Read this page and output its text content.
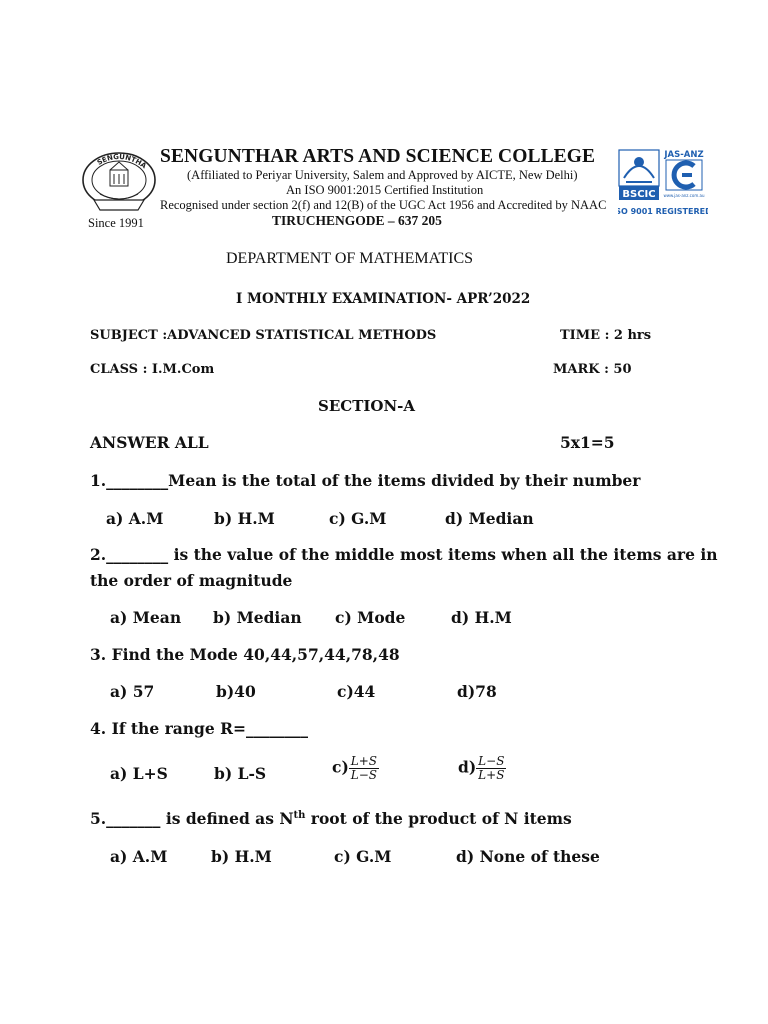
SENGUNTHA
Since 1991
SENGUNTHAR ARTS AND SCIENCE COLLEGE
(Affiliated to Periyar University, Salem and Approved by AICTE, New Delhi)
An ISO 9001:2015 Certified Institution
Recognised under section 2(f) and 12(B) of the UGC Act 1956 and Accredited by NAAC
TIRUCHENGODE – 637 205
BSCIC
JAS-ANZ
www.jas-anz.com.au
ISO 9001 REGISTERED
DEPARTMENT OF MATHEMATICS
I MONTHLY EXAMINATION- APR’2022
SUBJECT :ADVANCED STATISTICAL METHODS	TIME : 2 hrs
CLASS : I.M.Com	MARK : 50
SECTION-A
ANSWER ALL	5x1=5
1.________Mean is the total of the items divided by their number
a) A.M	b) H.M	c) G.M	d) Median
2.________ is the value of the middle most items when all the items are in
the order of magnitude
a) Mean b) Median c) Mode	d) H.M
3. Find the Mode 40,44,57,44,78,48
a) 57	b)40	c)44	d)78
4. If the range R=________
a) L+S	b) L-S	$c) \frac{L+S}{L-S}$	$d) \frac{L-S}{L+S}$
5._______ is defined as $N^{th}$ root of the product of N items
a) A.M	b) H.M	c) G.M	d) None of these
